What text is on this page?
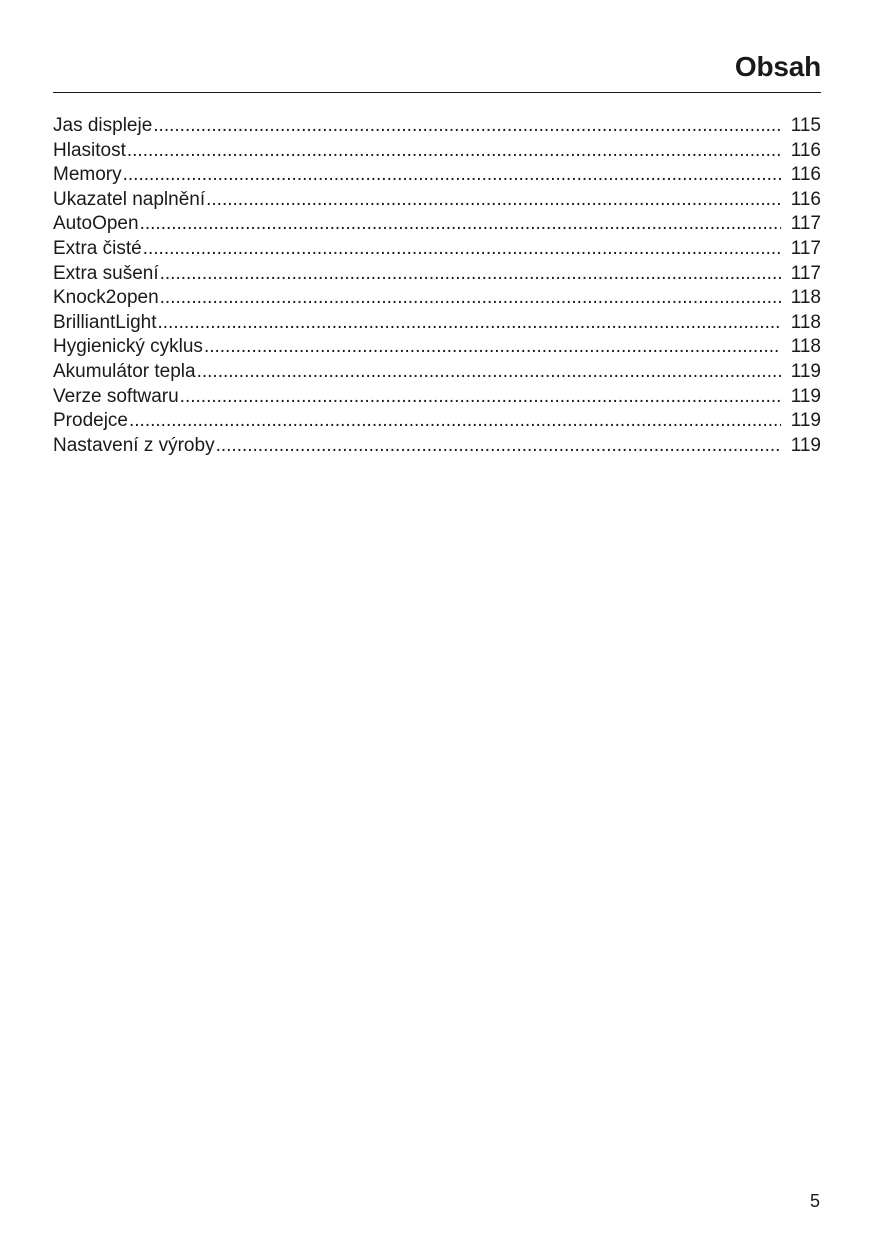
Obsah
Jas displeje .....	115
Hlasitost .....	116
Memory .....	116
Ukazatel naplnění .....	116
AutoOpen .....	117
Extra čisté .....	117
Extra sušení .....	117
Knock2open .....	118
BrilliantLight .....	118
Hygienický cyklus .....	118
Akumulátor tepla .....	119
Verze softwaru .....	119
Prodejce .....	119
Nastavení z výroby .....	119
5
